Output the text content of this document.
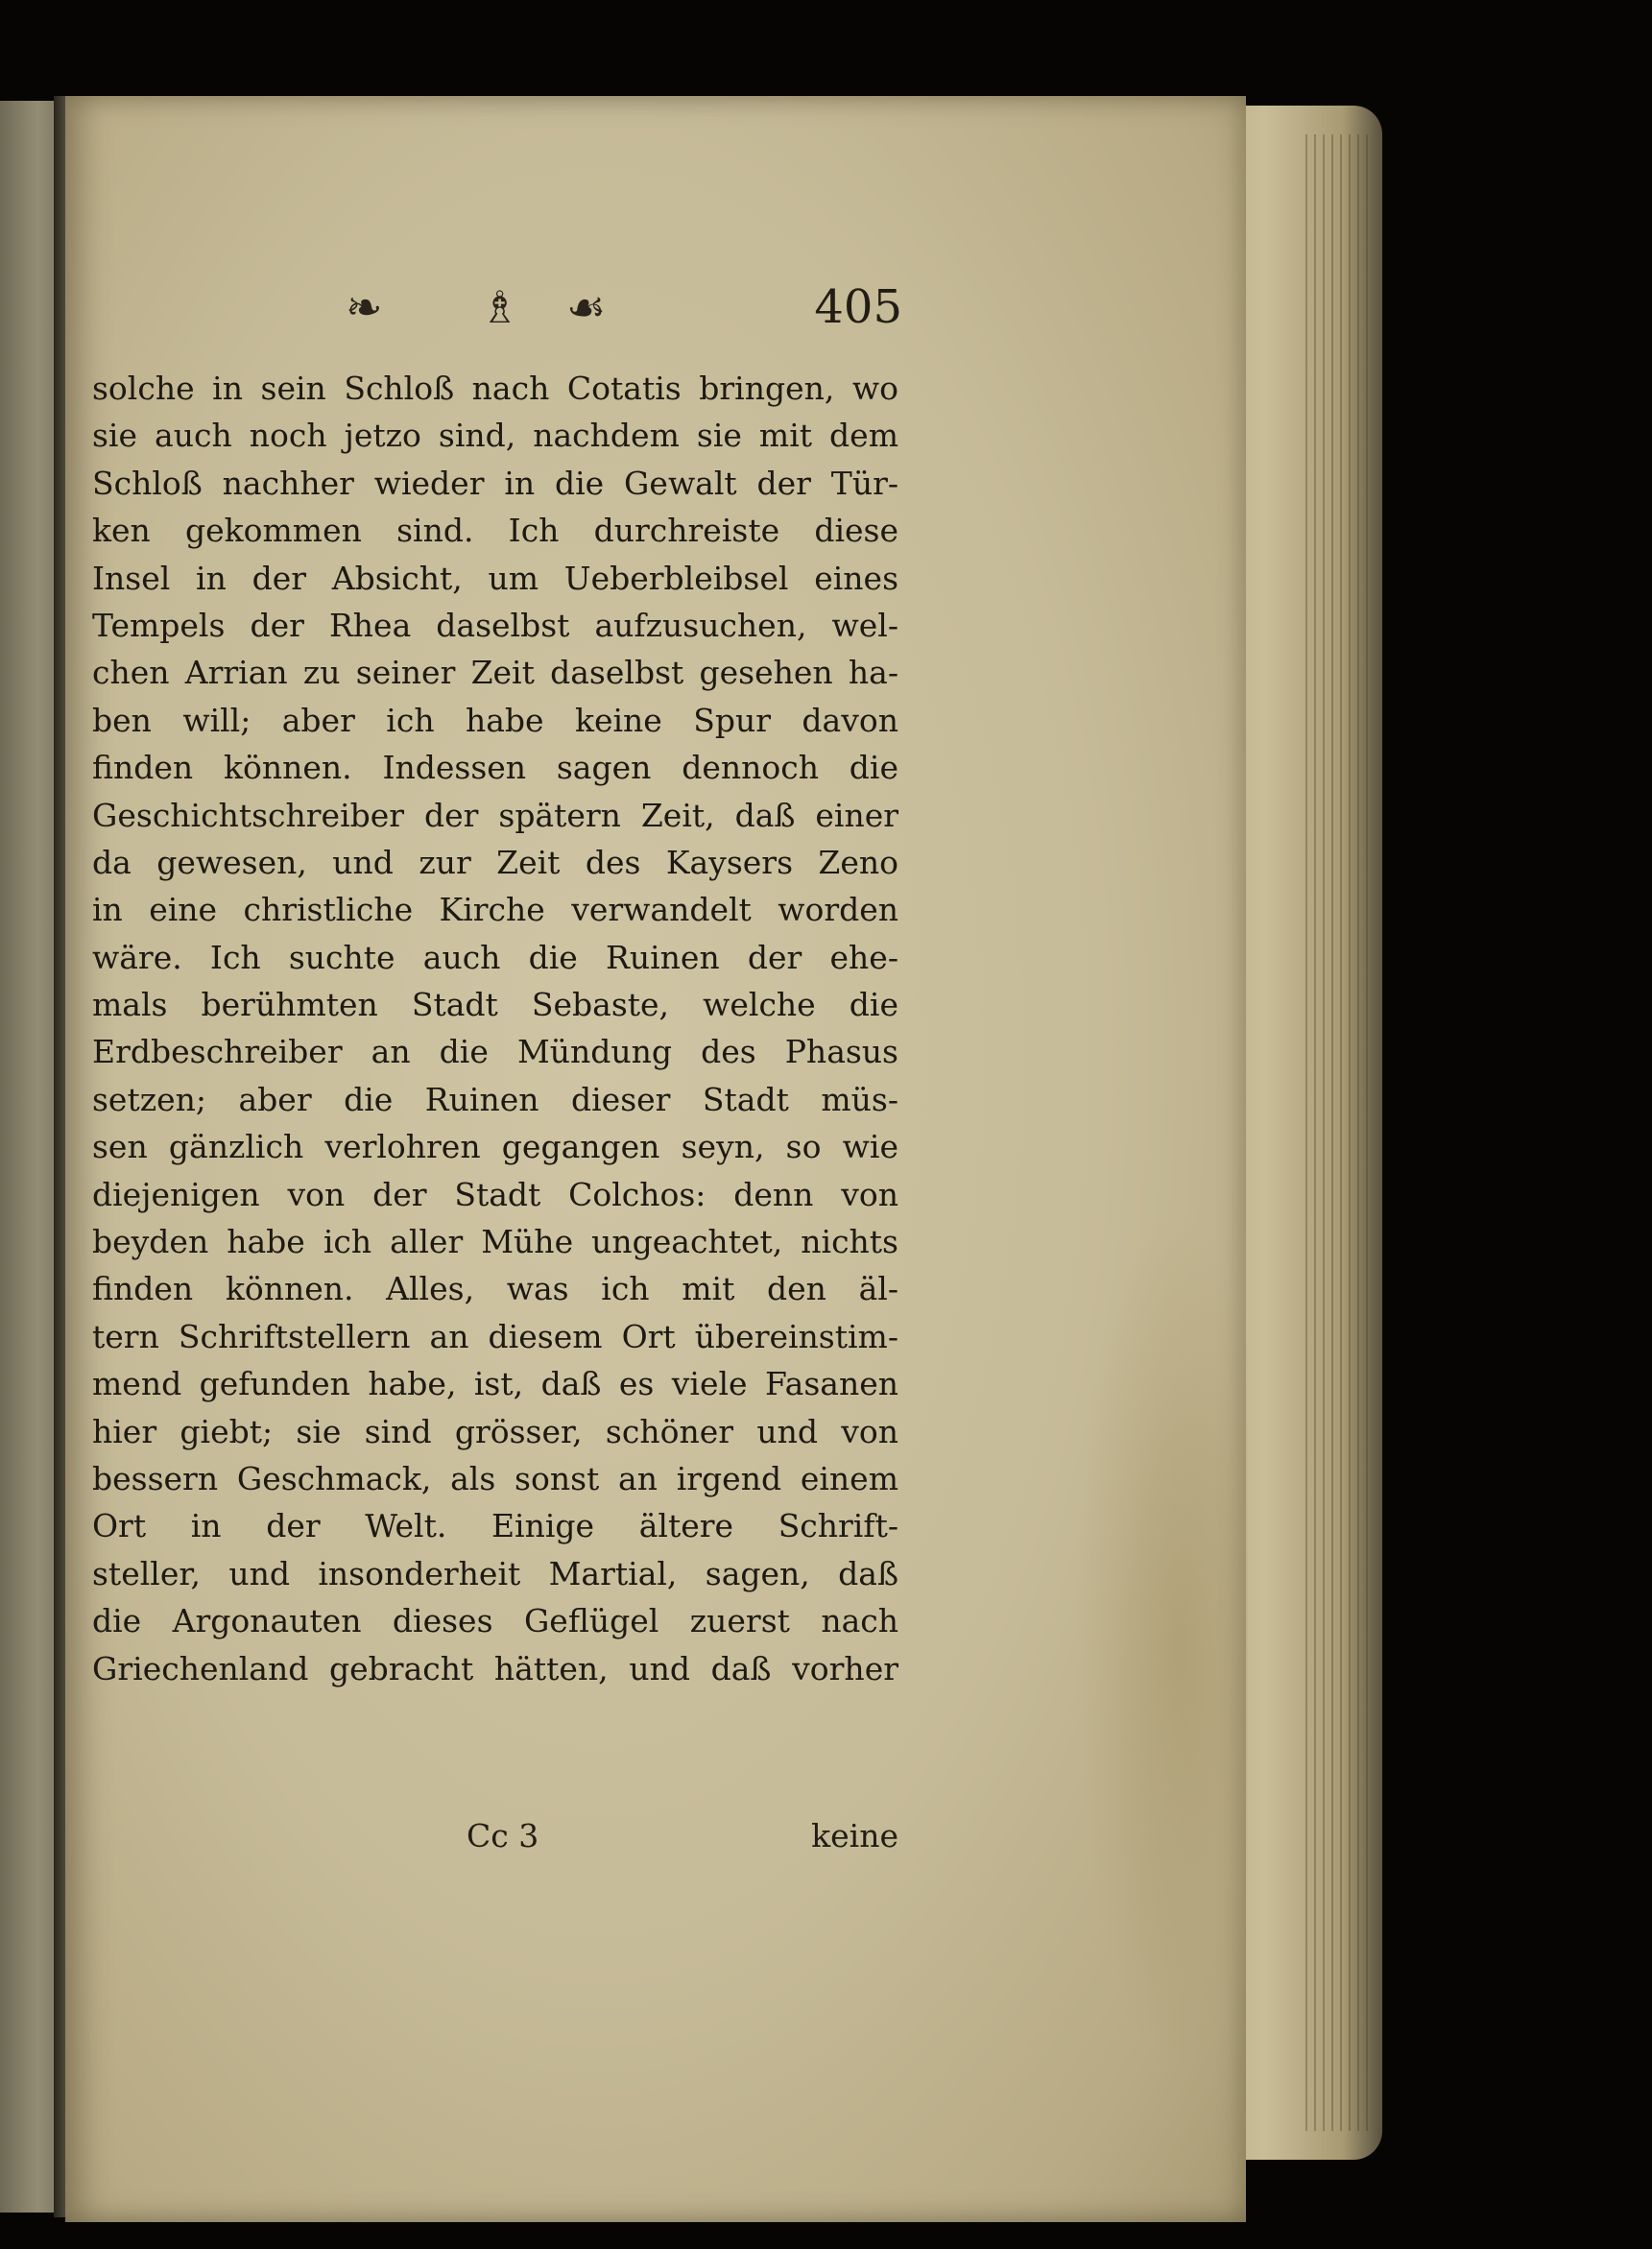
❧ ♗ ☙	405
solche in sein Schloß nach Cotatis bringen, wo
sie auch noch jetzo sind, nachdem sie mit dem
Schloß nachher wieder in die Gewalt der Tür-
ken gekommen sind. Ich durchreiste diese
Insel in der Absicht, um Ueberbleibsel eines
Tempels der Rhea daselbst aufzusuchen, wel-
chen Arrian zu seiner Zeit daselbst gesehen ha-
ben will; aber ich habe keine Spur davon
finden können. Indessen sagen dennoch die
Geschichtschreiber der spätern Zeit, daß einer
da gewesen, und zur Zeit des Kaysers Zeno
in eine christliche Kirche verwandelt worden
wäre. Ich suchte auch die Ruinen der ehe-
mals berühmten Stadt Sebaste, welche die
Erdbeschreiber an die Mündung des Phasus
setzen; aber die Ruinen dieser Stadt müs-
sen gänzlich verlohren gegangen seyn, so wie
diejenigen von der Stadt Colchos: denn von
beyden habe ich aller Mühe ungeachtet, nichts
finden können. Alles, was ich mit den äl-
tern Schriftstellern an diesem Ort übereinstim-
mend gefunden habe, ist, daß es viele Fasanen
hier giebt; sie sind grösser, schöner und von
bessern Geschmack, als sonst an irgend einem
Ort in der Welt. Einige ältere Schrift-
steller, und insonderheit Martial, sagen, daß
die Argonauten dieses Geflügel zuerst nach
Griechenland gebracht hätten, und daß vorher
Cc 3	keine
